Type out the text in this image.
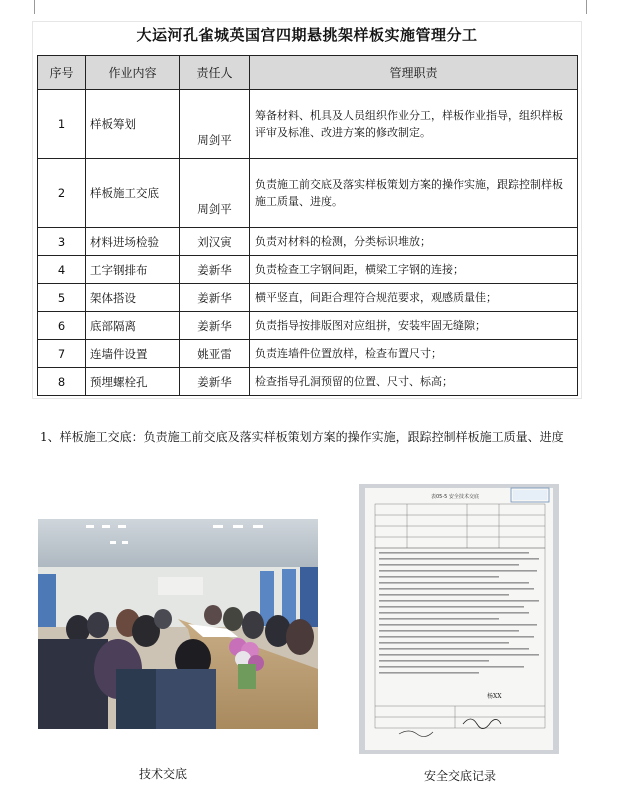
大运河孔雀城英国宫四期悬挑架样板实施管理分工
序号	作业内容	责任人	管理职责
1	样板筹划	周剑平	筹备材料、机具及人员组织作业分工，样板作业指导，组织样板评审及标准、改进方案的修改制定。
2	样板施工交底	周剑平	负责施工前交底及落实样板策划方案的操作实施，跟踪控制样板施工质量、进度。
3	材料进场检验	刘汉寅	负责对材料的检测，分类标识堆放；
4	工字钢排布	姜新华	负责检查工字钢间距，横梁工字钢的连接；
5	架体搭设	姜新华	横平竖直，间距合理符合规范要求，观感质量佳；
6	底部隔离	姜新华	负责指导按排版图对应组拼，安装牢固无缝隙；
7	连墙件设置	姚亚雷	负责连墙件位置放样，检查布置尺寸；
8	预埋螺栓孔	姜新华	检查指导孔洞预留的位置、尺寸、标高；
1、样板施工交底：负责施工前交底及落实样板策划方案的操作实施，跟踪控制样板施工质量、进度
表05-5 安全技术交底
杨XX
技术交底	安全交底记录
